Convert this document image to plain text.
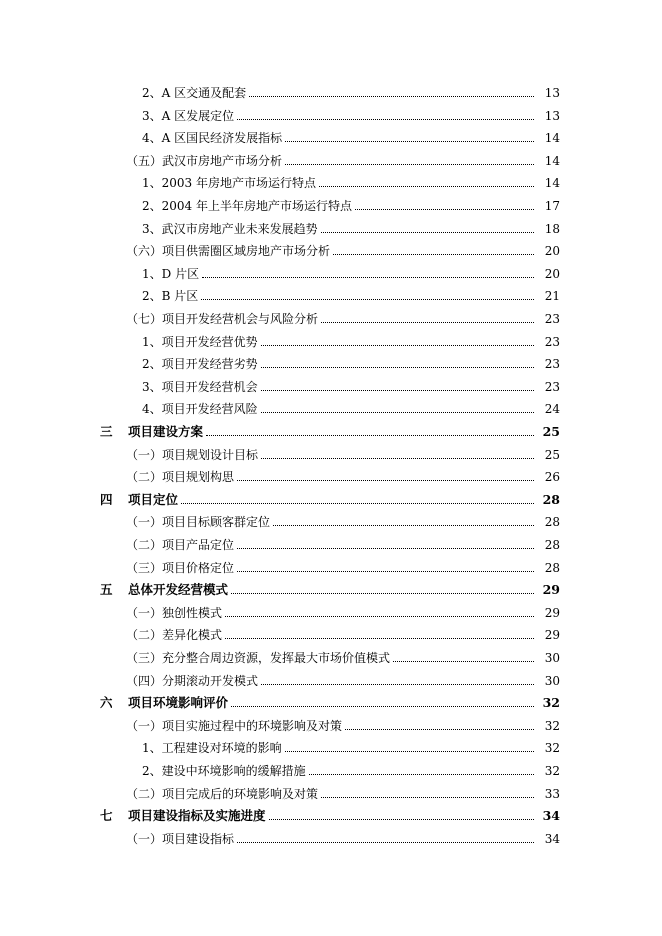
2、A 区交通及配套	13
3、A 区发展定位	13
4、A 区国民经济发展指标	14
（五）武汉市房地产市场分析	14
1、2003 年房地产市场运行特点	14
2、2004 年上半年房地产市场运行特点	17
3、武汉市房地产业未来发展趋势	18
（六）项目供需圈区域房地产市场分析	20
1、D 片区	20
2、B 片区	21
（七）项目开发经营机会与风险分析	23
1、项目开发经营优势	23
2、项目开发经营劣势	23
3、项目开发经营机会	23
4、项目开发经营风险	24
三 项目建设方案	25
（一）项目规划设计目标	25
（二）项目规划构思	26
四 项目定位	28
（一）项目目标顾客群定位	28
（二）项目产品定位	28
（三）项目价格定位	28
五 总体开发经营模式	29
（一）独创性模式	29
（二）差异化模式	29
（三）充分整合周边资源，发挥最大市场价值模式	30
（四）分期滚动开发模式	30
六 项目环境影响评价	32
（一）项目实施过程中的环境影响及对策	32
1、工程建设对环境的影响	32
2、建设中环境影响的缓解措施	32
（二）项目完成后的环境影响及对策	33
七 项目建设指标及实施进度	34
（一）项目建设指标	34
